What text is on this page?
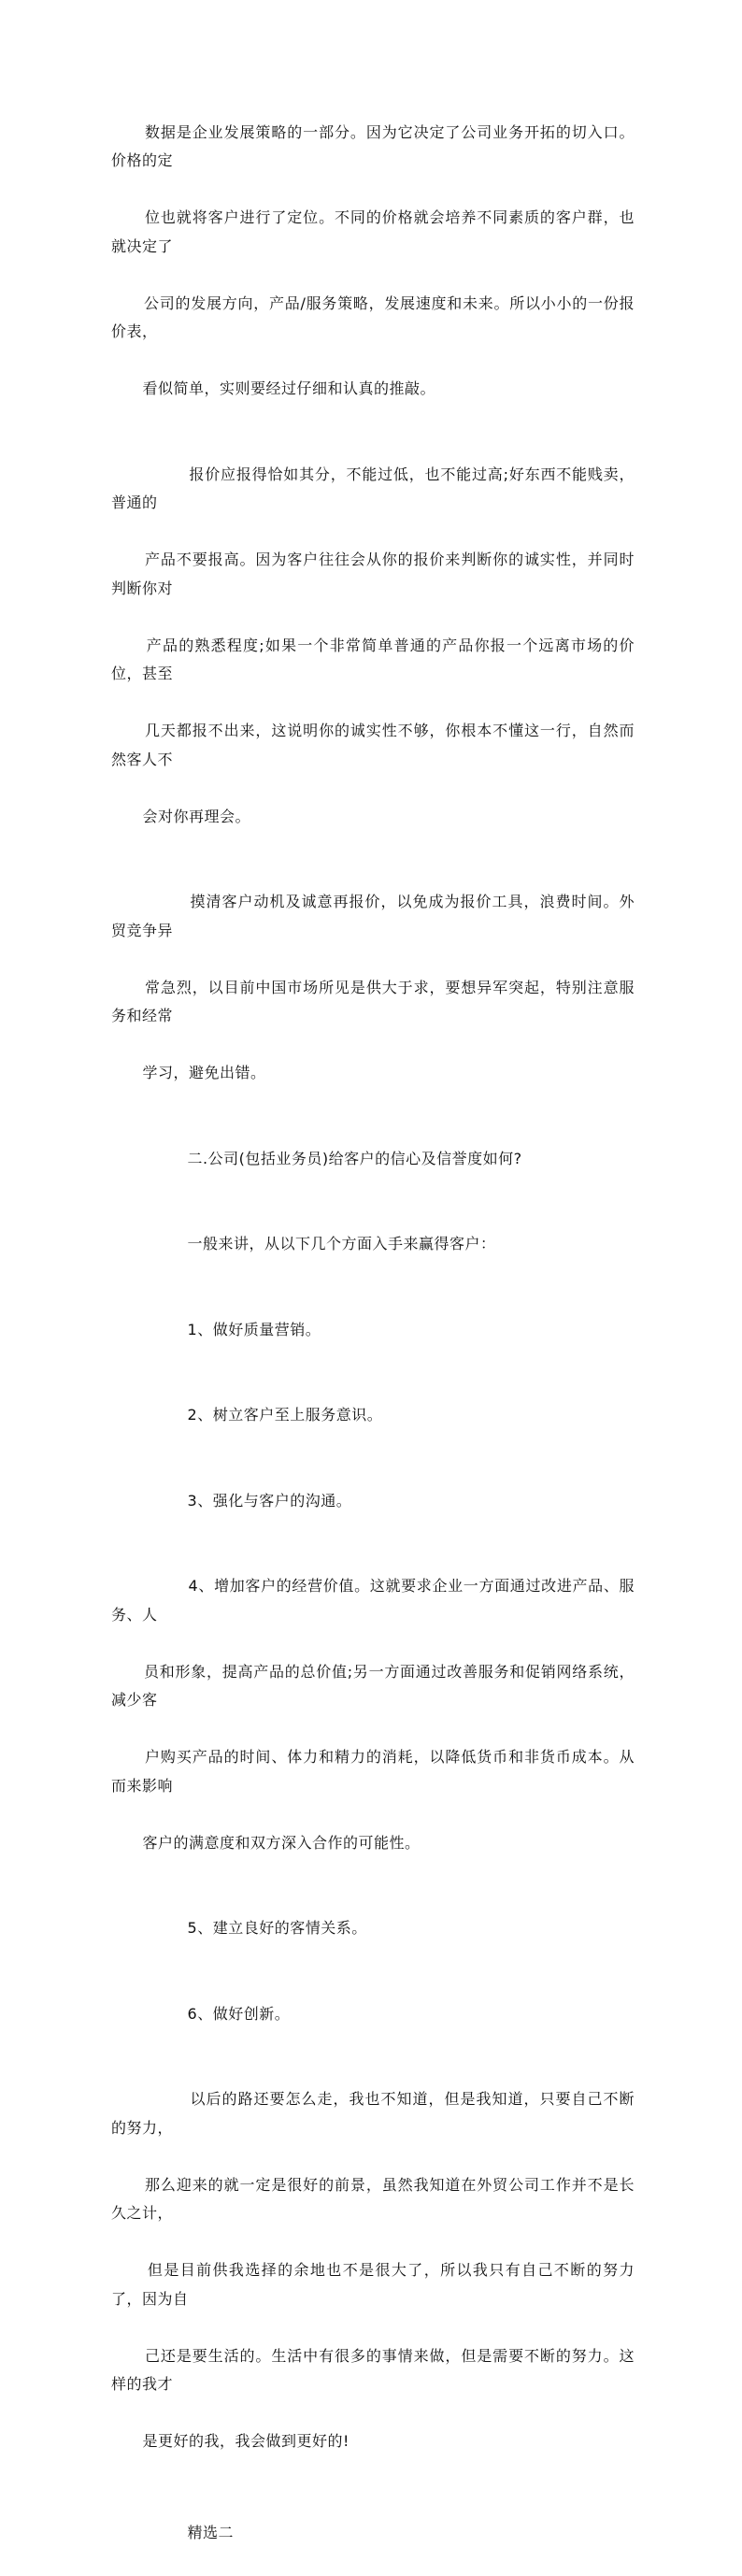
数据是企业发展策略的一部分。因为它决定了公司业务开拓的切入口。价格的定

位也就将客户进行了定位。不同的价格就会培养不同素质的客户群，也就决定了

公司的发展方向，产品/服务策略，发展速度和未来。所以小小的一份报价表，

看似简单，实则要经过仔细和认真的推敲。

报价应报得恰如其分，不能过低，也不能过高;好东西不能贱卖，普通的

产品不要报高。因为客户往往会从你的报价来判断你的诚实性，并同时判断你对

产品的熟悉程度;如果一个非常简单普通的产品你报一个远离市场的价位，甚至

几天都报不出来，这说明你的诚实性不够，你根本不懂这一行，自然而然客人不

会对你再理会。

摸清客户动机及诚意再报价，以免成为报价工具，浪费时间。外贸竞争异

常急烈，以目前中国市场所见是供大于求，要想异军突起，特别注意服务和经常

学习，避免出错。

二.公司(包括业务员)给客户的信心及信誉度如何?

一般来讲，从以下几个方面入手来赢得客户：

1、做好质量营销。

2、树立客户至上服务意识。

3、强化与客户的沟通。

4、增加客户的经营价值。这就要求企业一方面通过改进产品、服务、人

员和形象，提高产品的总价值;另一方面通过改善服务和促销网络系统，减少客

户购买产品的时间、体力和精力的消耗，以降低货币和非货币成本。从而来影响

客户的满意度和双方深入合作的可能性。

5、建立良好的客情关系。

6、做好创新。

以后的路还要怎么走，我也不知道，但是我知道，只要自己不断的努力，

那么迎来的就一定是很好的前景，虽然我知道在外贸公司工作并不是长久之计，

但是目前供我选择的余地也不是很大了，所以我只有自己不断的努力了，因为自

己还是要生活的。生活中有很多的事情来做，但是需要不断的努力。这样的我才

是更好的我，我会做到更好的!

精选二
